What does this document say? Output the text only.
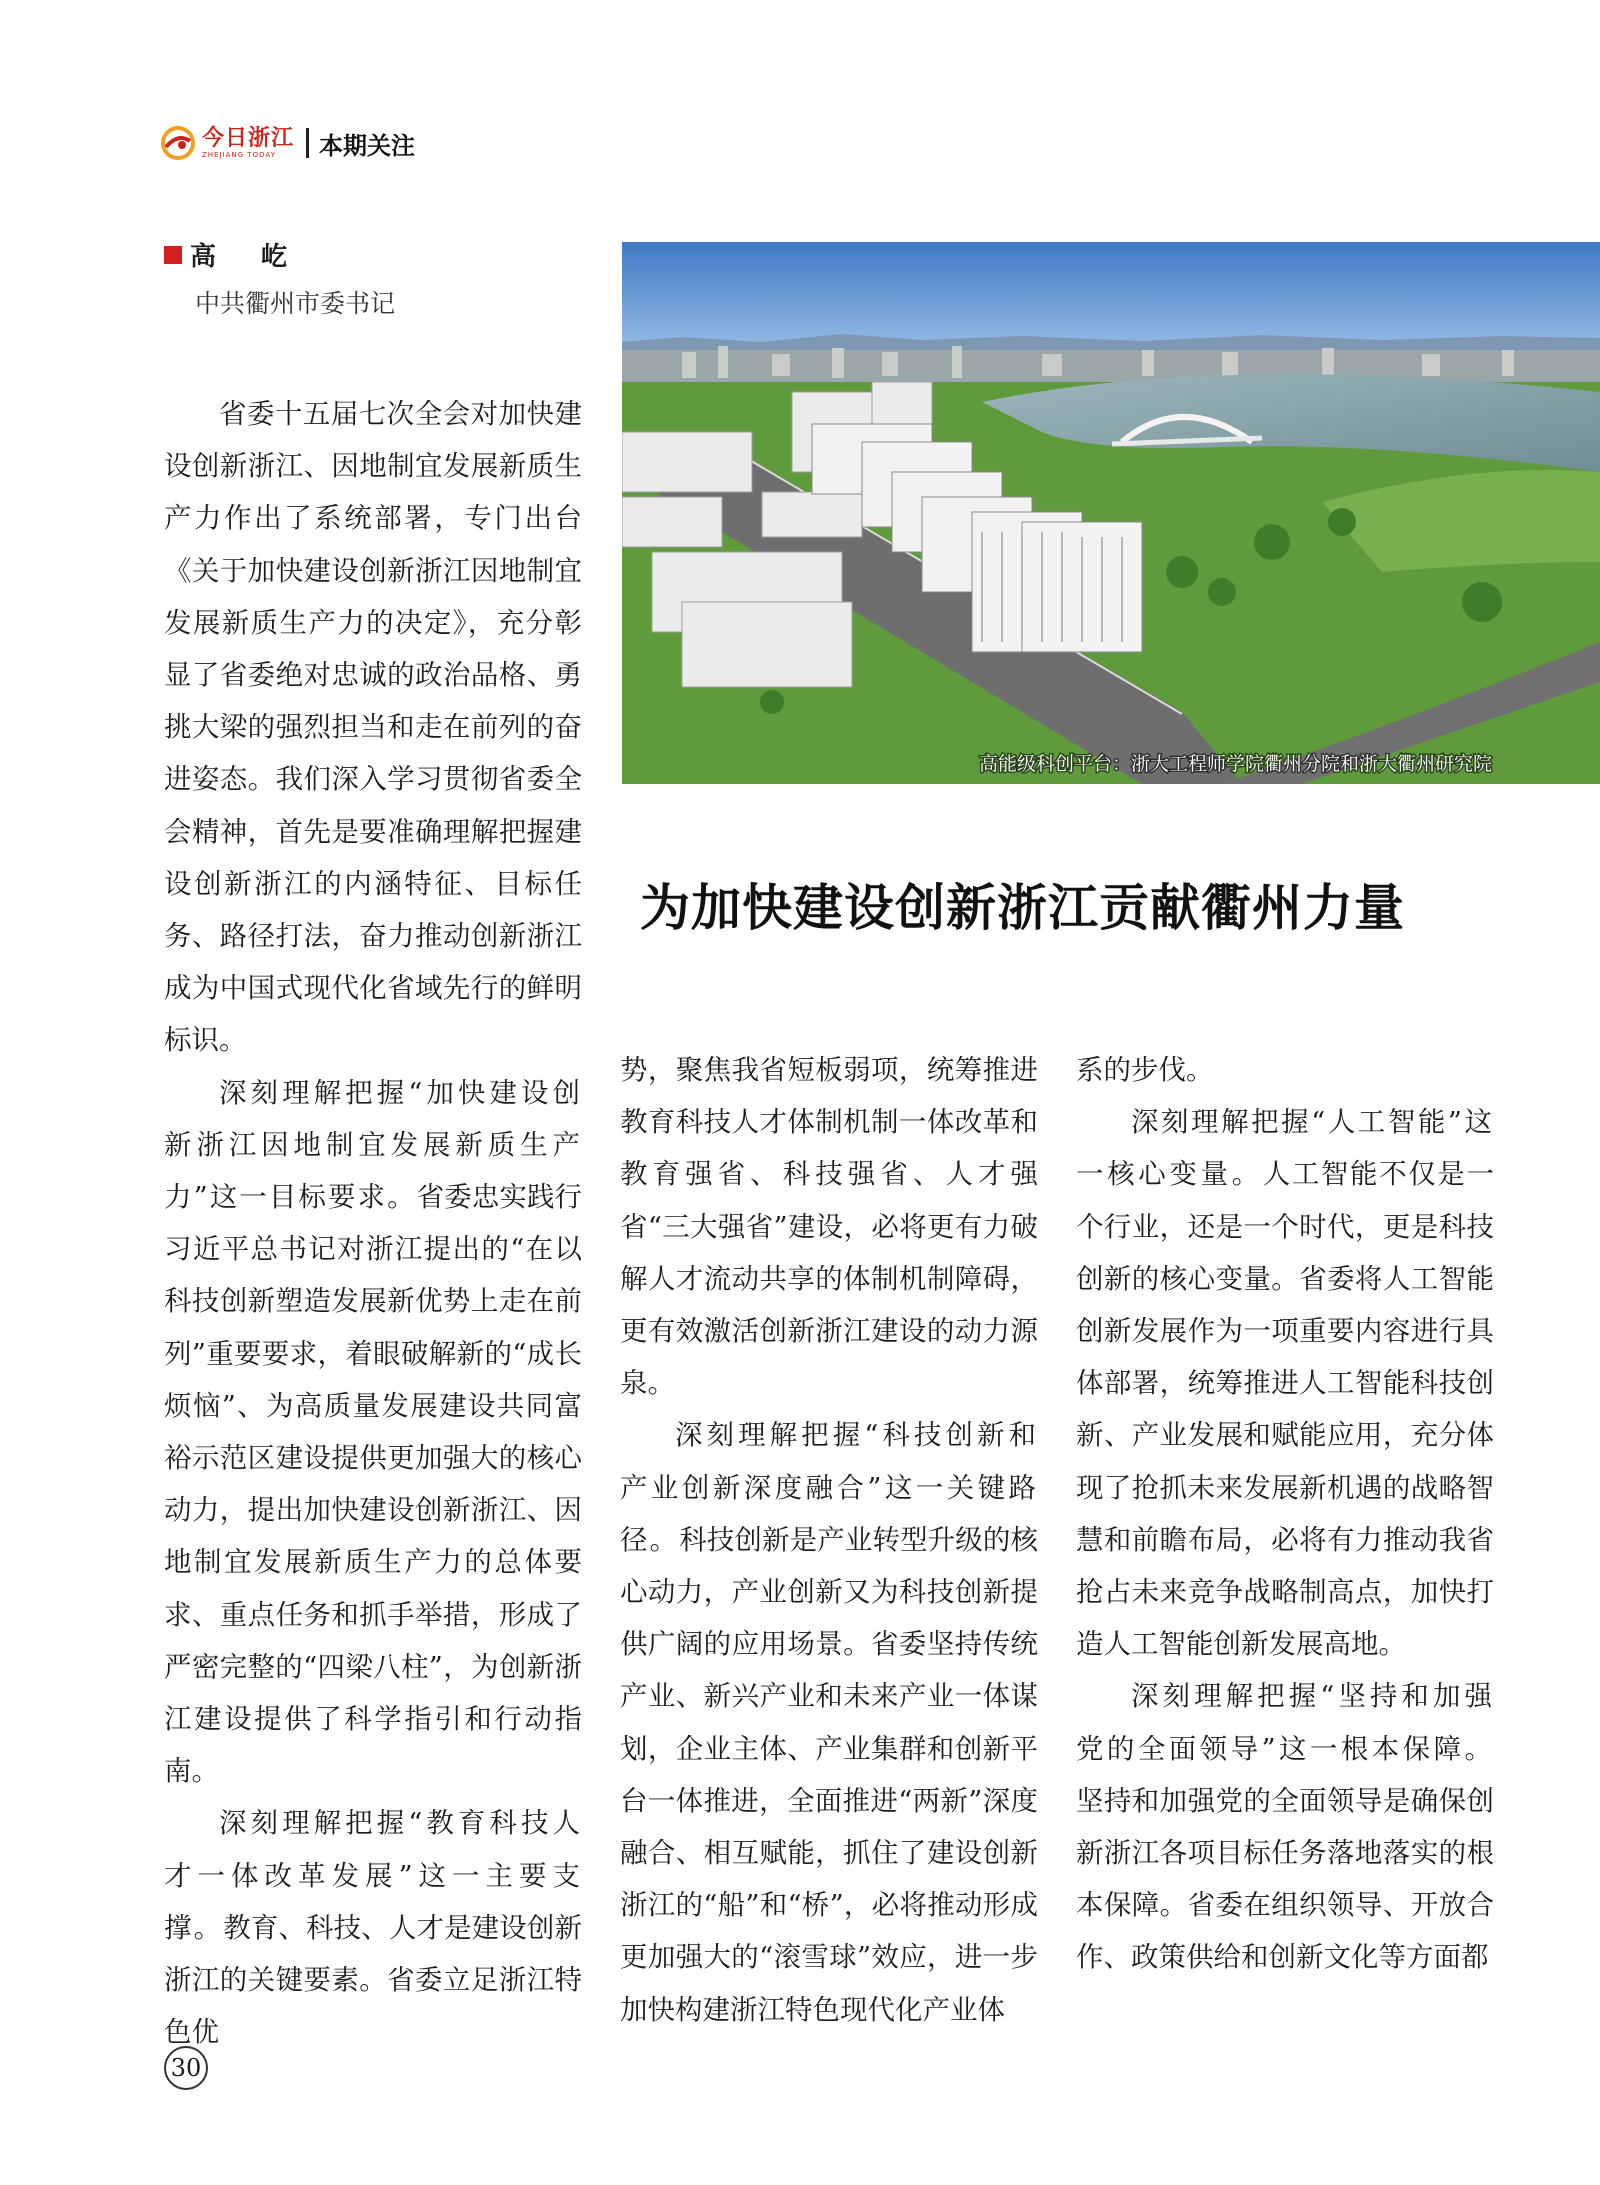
今日浙江
ZHEJIANG TODAY	本期关注
高 屹
中共衢州市委书记

省委十五届七次全会对加快建设创新浙江、因地制宜发展新质生产力作出了系统部署，专门出台《关于加快建设创新浙江因地制宜发展新质生产力的决定》，充分彰显了省委绝对忠诚的政治品格、勇挑大梁的强烈担当和走在前列的奋进姿态。我们深入学习贯彻省委全会精神，首先是要准确理解把握建设创新浙江的内涵特征、目标任务、路径打法，奋力推动创新浙江成为中国式现代化省域先行的鲜明标识。

深刻理解把握“加快建设创新浙江因地制宜发展新质生产力”这一目标要求。省委忠实践行习近平总书记对浙江提出的“在以科技创新塑造发展新优势上走在前列”重要要求，着眼破解新的“成长烦恼”、为高质量发展建设共同富裕示范区建设提供更加强大的核心动力，提出加快建设创新浙江、因地制宜发展新质生产力的总体要求、重点任务和抓手举措，形成了严密完整的“四梁八柱”，为创新浙江建设提供了科学指引和行动指南。

深刻理解把握“教育科技人才一体改革发展”这一主要支撑。教育、科技、人才是建设创新浙江的关键要素。省委立足浙江特色优

高能级科创平台：浙大工程师学院衢州分院和浙大衢州研究院
为加快建设创新浙江贡献衢州力量

势，聚焦我省短板弱项，统筹推进教育科技人才体制机制一体改革和教育强省、科技强省、人才强省“三大强省”建设，必将更有力破解人才流动共享的体制机制障碍，更有效激活创新浙江建设的动力源泉。

深刻理解把握“科技创新和产业创新深度融合”这一关键路径。科技创新是产业转型升级的核心动力，产业创新又为科技创新提供广阔的应用场景。省委坚持传统产业、新兴产业和未来产业一体谋划，企业主体、产业集群和创新平台一体推进，全面推进“两新”深度融合、相互赋能，抓住了建设创新浙江的“船”和“桥”，必将推动形成更加强大的“滚雪球”效应，进一步加快构建浙江特色现代化产业体

系的步伐。

深刻理解把握“人工智能”这一核心变量。人工智能不仅是一个行业，还是一个时代，更是科技创新的核心变量。省委将人工智能创新发展作为一项重要内容进行具体部署，统筹推进人工智能科技创新、产业发展和赋能应用，充分体现了抢抓未来发展新机遇的战略智慧和前瞻布局，必将有力推动我省抢占未来竞争战略制高点，加快打造人工智能创新发展高地。

深刻理解把握“坚持和加强党的全面领导”这一根本保障。坚持和加强党的全面领导是确保创新浙江各项目标任务落地落实的根本保障。省委在组织领导、开放合作、政策供给和创新文化等方面都

30
